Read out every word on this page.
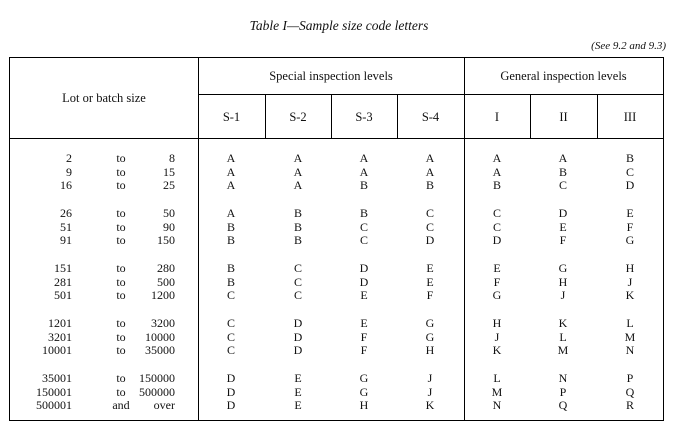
Table I—Sample size code letters
(See 9.2 and 9.3)
Lot or batch size
Special inspection levels	General inspection levels
S-1	S-2	S-3	S-4	I	II	III
2	to	8	A	A	A	A	A	A	B
9	to	15	A	A	A	A	A	B	C
16	to	25	A	A	B	B	B	C	D
26	to	50	A	B	B	C	C	D	E
51	to	90	B	B	C	C	C	E	F
91	to	150	B	B	C	D	D	F	G
151	to	280	B	C	D	E	E	G	H
281	to	500	B	C	D	E	F	H	J
501	to	1200	C	C	E	F	G	J	K
1201	to	3200	C	D	E	G	H	K	L
3201	to	10000	C	D	F	G	J	L	M
10001	to	35000	C	D	F	H	K	M	N
35001	to	150000	D	E	G	J	L	N	P
150001	to	500000	D	E	G	J	M	P	Q
500001	and	over	D	E	H	K	N	Q	R
